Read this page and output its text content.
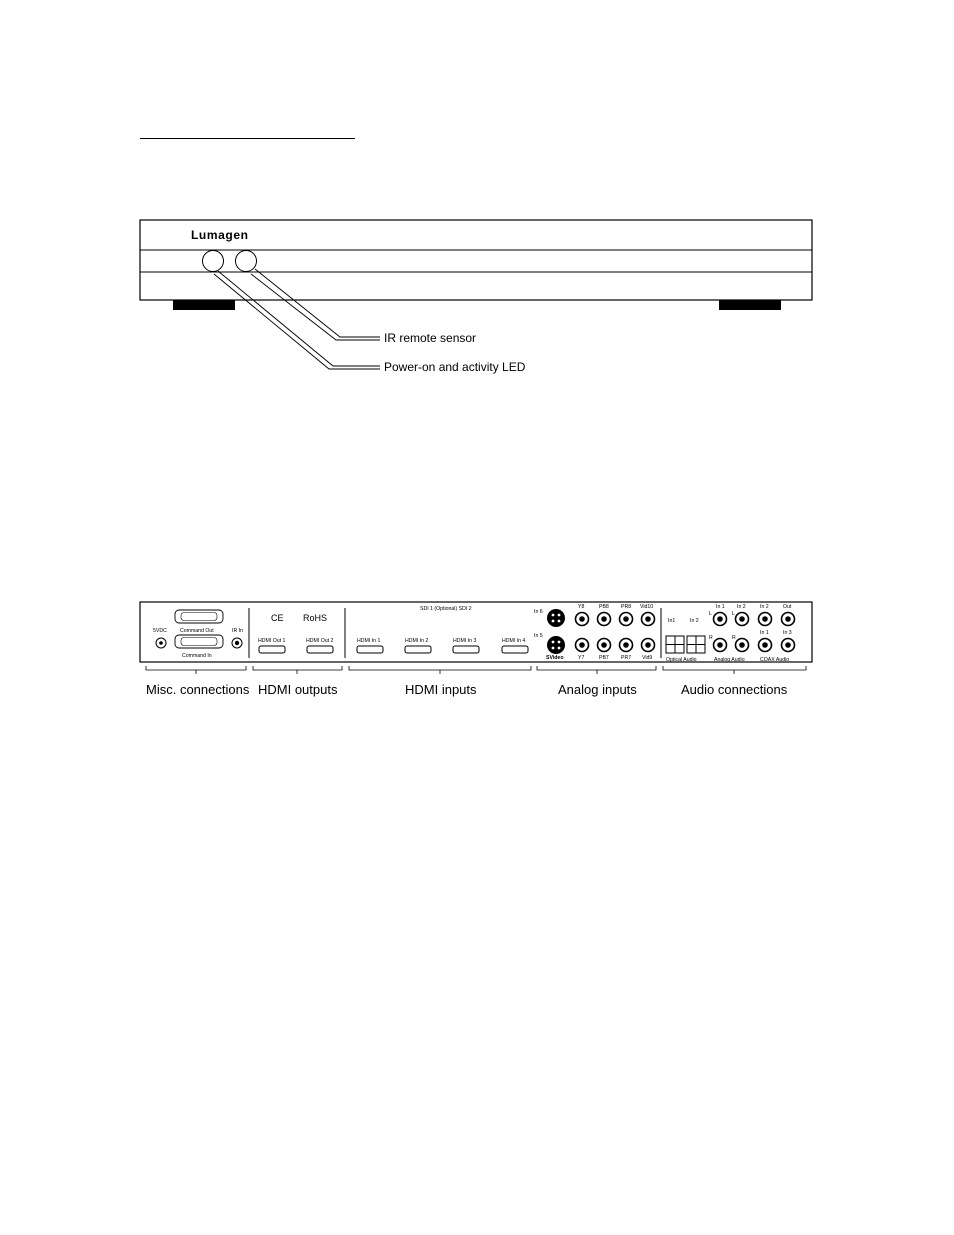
Lumagen
IR remote sensor
Power-on and activity LED
5VDC	Command Out
Command In
IR In
CE RoHS
HDMI Out 1	HDMI Out 2
SDI 1 (Optional) SDI 2
HDMI In 1	HDMI In 2	HDMI In 3	HDMI In 4
In 6
In 5
SVideo
Y8	PB8 PR8 Vid10
Y7	PB7 PR7 Vid9
In1	In 2
Optical Audio
In 1 In 2
L	L
R	R
Analog Audio
In 2	Out
In 1	In 3
COAX Audio
Misc. connections HDMI outputs	HDMI inputs	Analog inputs	Audio connections
